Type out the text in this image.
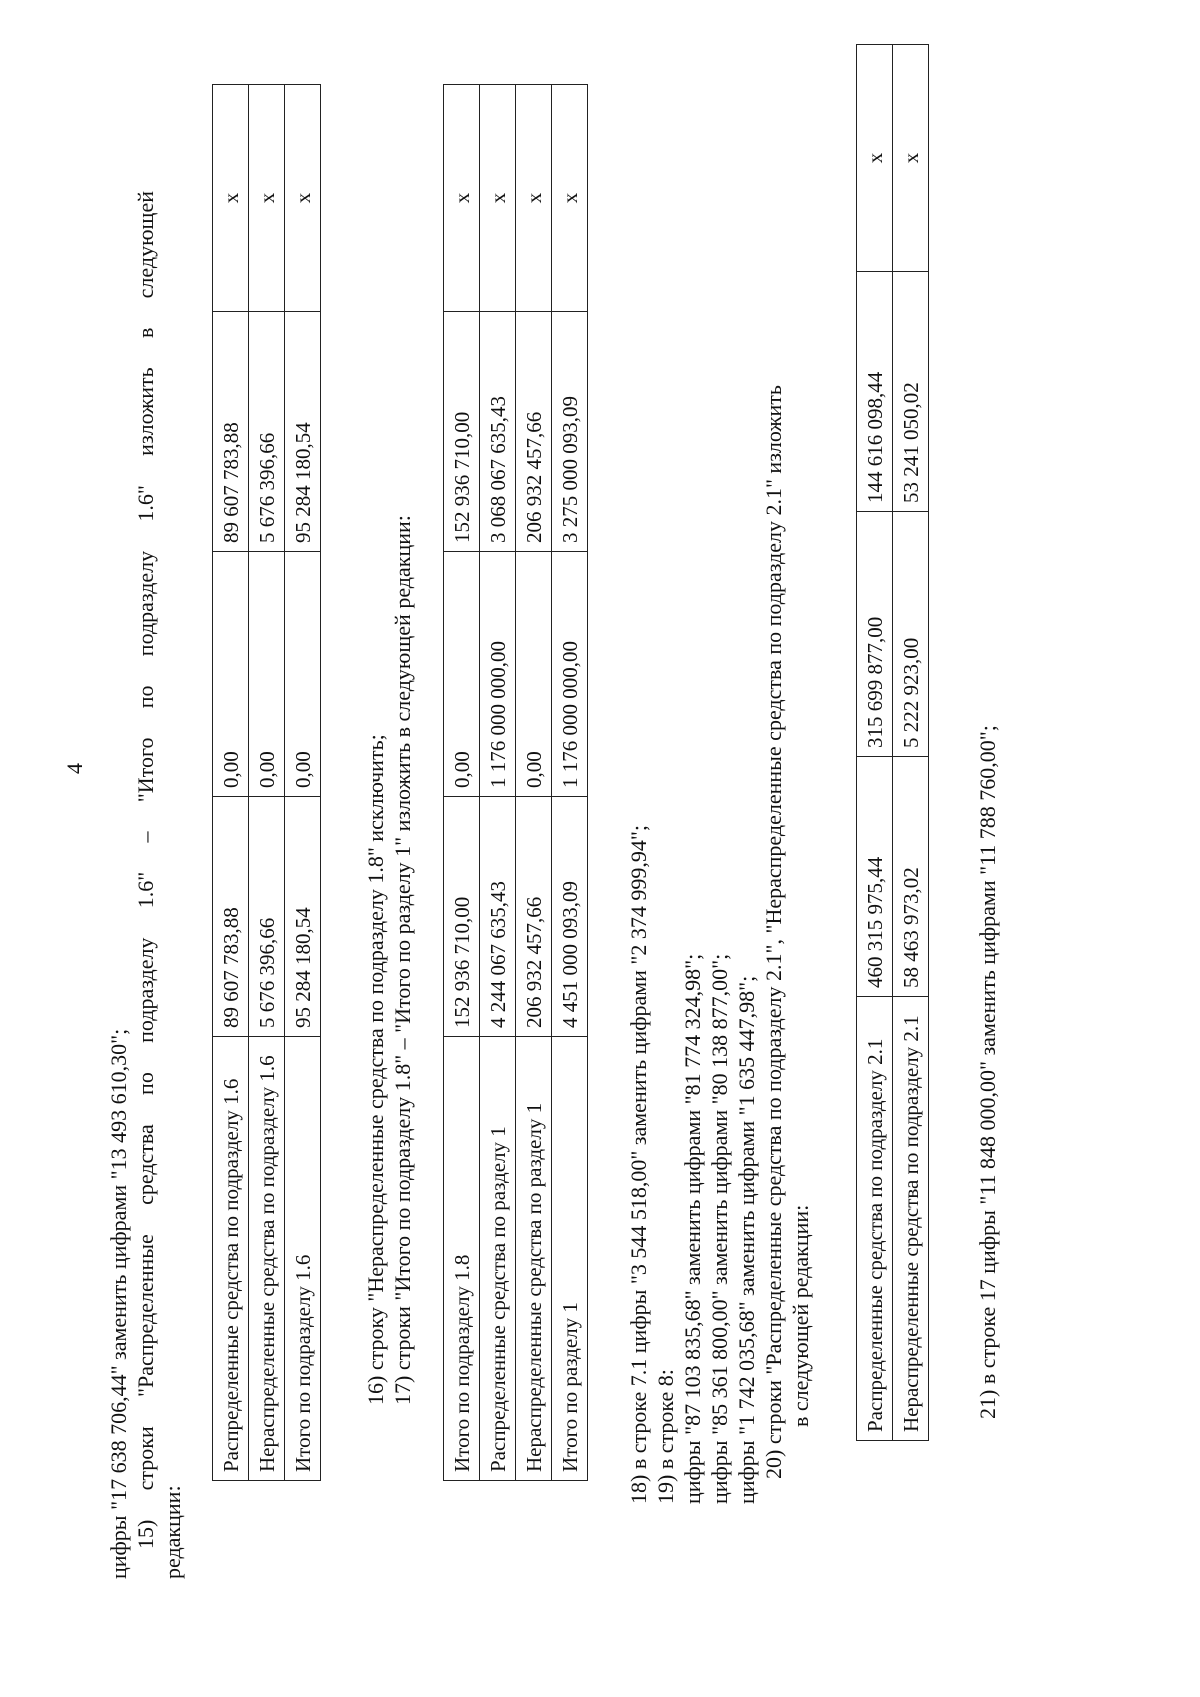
4
цифры "17 638 706,44" заменить цифрами "13 493 610,30"; 15) строки "Распределенные средства по подразделу 1.6" – "Итого по подразделу 1.6" изложить в следующей редакции:
Распределенные средства по подразделу 1.6	89 607 783,88	0,00	89 607 783,88	x
Нераспределенные средства по подразделу 1.6	5 676 396,66	0,00	5 676 396,66	x
Итого по подразделу 1.6	95 284 180,54	0,00	95 284 180,54	x
16) строку "Нераспределенные средства по подразделу 1.8" исключить; 17) строки "Итого по подразделу 1.8" – "Итого по разделу 1" изложить в следующей редакции: Итого по подразделу 1.8	152 936 710,00	0,00	152 936 710,00	x
Распределенные средства по разделу 1	4 244 067 635,43	1 176 000 000,00	3 068 067 635,43	x
Нераспределенные средства по разделу 1	206 932 457,66	0,00	206 932 457,66	x
Итого по разделу 1	4 451 000 093,09	1 176 000 000,00	3 275 000 093,09	x
18) в строке 7.1 цифры "3 544 518,00" заменить цифрами "2 374 999,94"; 19) в строке 8: цифры "87 103 835,68" заменить цифрами "81 774 324,98"; цифры "85 361 800,00" заменить цифрами "80 138 877,00"; цифры "1 742 035,68" заменить цифрами "1 635 447,98"; 20) строки "Распределенные средства по подразделу 2.1", "Нераспределенные средства по подразделу 2.1" изложить в следующей редакции: Распределенные средства по подразделу 2.1	460 315 975,44	315 699 877,00	144 616 098,44	x
Нераспределенные средства по подразделу 2.1	58 463 973,02	5 222 923,00	53 241 050,02	x
21) в строке 17 цифры "11 848 000,00" заменить цифрами "11 788 760,00";
